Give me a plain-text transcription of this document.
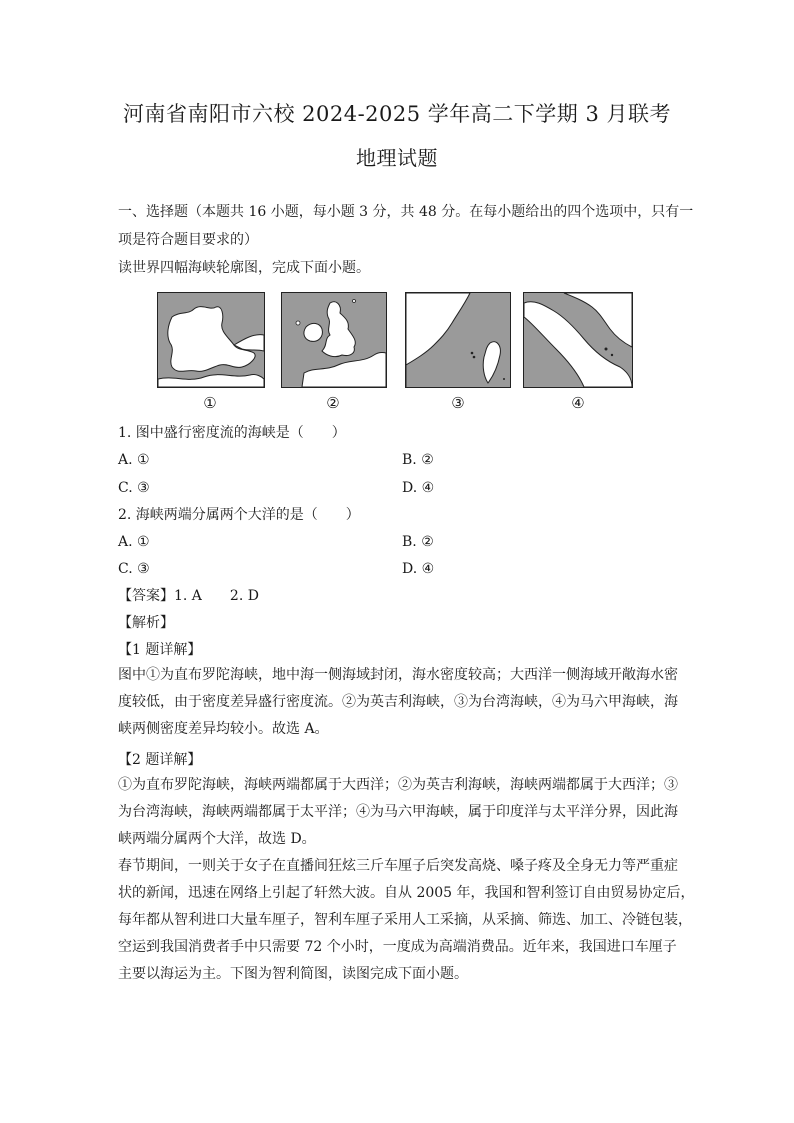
河南省南阳市六校 2024-2025 学年高二下学期 3 月联考
地理试题
一、选择题（本题共 16 小题，每小题 3 分，共 48 分。在每小题给出的四个选项中，只有一
项是符合题目要求的）
读世界四幅海峡轮廓图，完成下面小题。
①	②	③	④
1. 图中盛行密度流的海峡是（　　）
A. ①	B. ②
C. ③	D. ④
2. 海峡两端分属两个大洋的是（　　）
A. ①	B. ②
C. ③	D. ④
【答案】1. A　　2. D
【解析】
【1 题详解】
图中①为直布罗陀海峡，地中海一侧海域封闭，海水密度较高；大西洋一侧海域开敞海水密
度较低，由于密度差异盛行密度流。②为英吉利海峡，③为台湾海峡，④为马六甲海峡，海
峡两侧密度差异均较小。故选 A。
【2 题详解】
①为直布罗陀海峡，海峡两端都属于大西洋；②为英吉利海峡，海峡两端都属于大西洋；③
为台湾海峡，海峡两端都属于太平洋；④为马六甲海峡，属于印度洋与太平洋分界，因此海
峡两端分属两个大洋，故选 D。
春节期间，一则关于女子在直播间狂炫三斤车厘子后突发高烧、嗓子疼及全身无力等严重症
状的新闻，迅速在网络上引起了轩然大波。自从 2005 年，我国和智利签订自由贸易协定后，
每年都从智利进口大量车厘子，智利车厘子采用人工采摘，从采摘、筛选、加工、冷链包装，
空运到我国消费者手中只需要 72 个小时，一度成为高端消费品。近年来，我国进口车厘子
主要以海运为主。下图为智利简图，读图完成下面小题。
